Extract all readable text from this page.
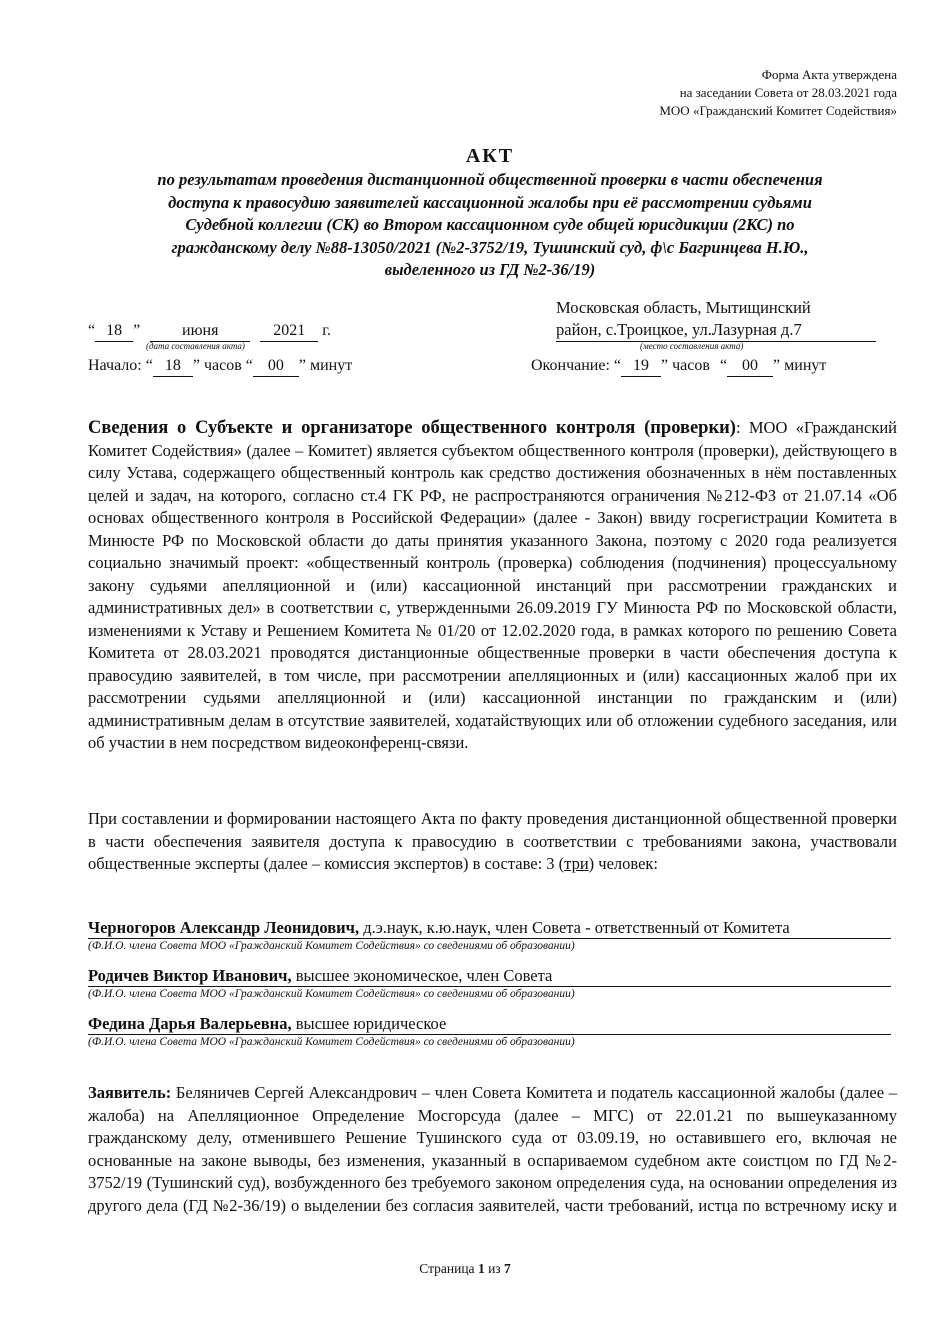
Форма Акта утверждена
на заседании Совета от 28.03.2021 года
МОО «Гражданский Комитет Содействия»
АКТ
по результатам проведения дистанционной общественной проверки в части обеспечения
доступа к правосудию заявителей кассационной жалобы при её рассмотрении судьями
Судебной коллегии (СК) во Втором кассационном суде общей юрисдикции (2КС) по
гражданскому делу №88-13050/2021 (№2-3752/19, Тушинский суд, ф\с Багринцева Н.Ю.,
выделенного из ГД №2-36/19)
Московская область, Мытищинский
район, с.Троицкое, ул.Лазурная д.7
(место составления акта)
“ 18 ”	июня	2021 г.
(дата составления акта)
Начало: “ 18 ” часов “ 00 ” минут	Окончание: “ 19 ” часов “ 00 ” минут
Сведения о Субъекте и организаторе общественного контроля (проверки): МОО «Гражданский Комитет Содействия» (далее – Комитет) является субъектом общественного контроля (проверки), действующего в силу Устава, содержащего общественный контроль как средство достижения обозначенных в нём поставленных целей и задач, на которого, согласно ст.4 ГК РФ, не распространяются ограничения №212-ФЗ от 21.07.14 «Об основах общественного контроля в Российской Федерации» (далее - Закон) ввиду госрегистрации Комитета в Минюсте РФ по Московской области до даты принятия указанного Закона, поэтому с 2020 года реализуется социально значимый проект: «общественный контроль (проверка) соблюдения (подчинения) процессуальному закону судьями апелляционной и (или) кассационной инстанций при рассмотрении гражданских и административных дел» в соответствии с, утвержденными 26.09.2019 ГУ Минюста РФ по Московской области, изменениями к Уставу и Решением Комитета № 01/20 от 12.02.2020 года, в рамках которого по решению Совета Комитета от 28.03.2021 проводятся дистанционные общественные проверки в части обеспечения доступа к правосудию заявителей, в том числе, при рассмотрении апелляционных и (или) кассационных жалоб при их рассмотрении судьями апелляционной и (или) кассационной инстанции по гражданским и (или) административным делам в отсутствие заявителей, ходатайствующих или об отложении судебного заседания, или об участии в нем посредством видеоконференц-связи.
При составлении и формировании настоящего Акта по факту проведения дистанционной общественной проверки в части обеспечения заявителя доступа к правосудию в соответствии с требованиями закона, участвовали общественные эксперты (далее – комиссия экспертов) в составе: 3 (три) человек:
Черногоров Александр Леонидович, д.э.наук, к.ю.наук, член Совета - ответственный от Комитета
(Ф.И.О. члена Совета МОО «Гражданский Комитет Содействия» со сведениями об образовании)
Родичев Виктор Иванович, высшее экономическое, член Совета
(Ф.И.О. члена Совета МОО «Гражданский Комитет Содействия» со сведениями об образовании)
Федина Дарья Валерьевна, высшее юридическое
(Ф.И.О. члена Совета МОО «Гражданский Комитет Содействия» со сведениями об образовании)
Заявитель: Беляничев Сергей Александрович – член Совета Комитета и податель кассационной жалобы (далее – жалоба) на Апелляционное Определение Мосгорсуда (далее – МГС) от 22.01.21 по вышеуказанному гражданскому делу, отменившего Решение Тушинского суда от 03.09.19, но оставившего его, включая не основанные на законе выводы, без изменения, указанный в оспариваемом судебном акте соистцом по ГД №2-3752/19 (Тушинский суд), возбужденного без требуемого законом определения суда, на основании определения из другого дела (ГД №2-36/19) о выделении без согласия заявителей, части требований, истца по встречному иску и
Страница 1 из 7
